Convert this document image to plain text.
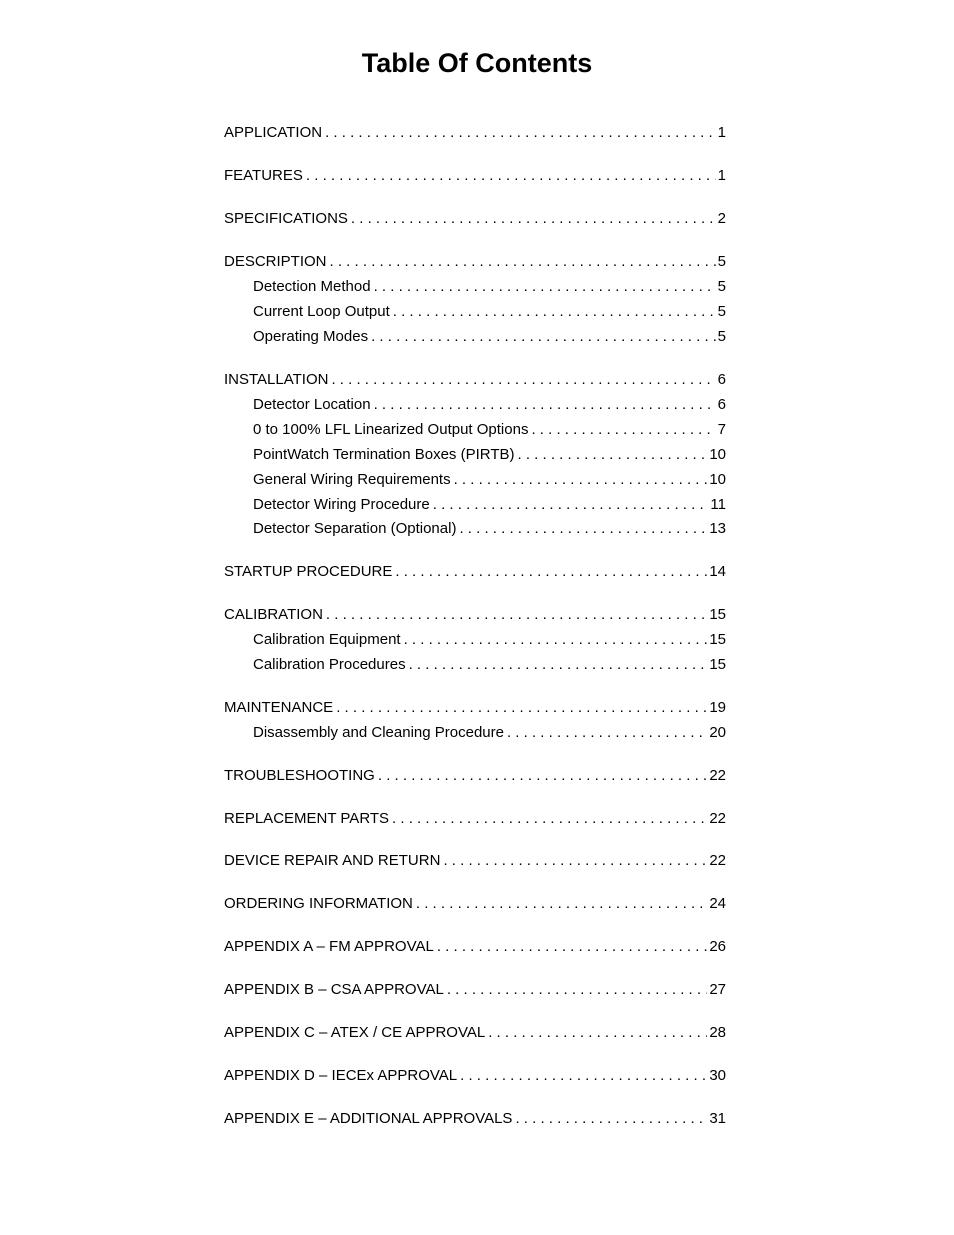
Table Of Contents
APPLICATION . . .	1
FEATURES . . .	1
SPECIFICATIONS . . .	2
DESCRIPTION . . .	5
Detection Method . . .	5
Current Loop Output . . .	5
Operating Modes . . .	5
INSTALLATION . . .	6
Detector Location . . .	6
0 to 100% LFL Linearized Output Options . . .	7
PointWatch Termination Boxes (PIRTB) . . .	10
General Wiring Requirements . . .	10
Detector Wiring Procedure . . .	11
Detector Separation (Optional) . . .	13
STARTUP PROCEDURE . . .	14
CALIBRATION . . .	15
Calibration Equipment . . .	15
Calibration Procedures . . .	15
MAINTENANCE . . .	19
Disassembly and Cleaning Procedure . . .	20
TROUBLESHOOTING . . .	22
REPLACEMENT PARTS . . .	22
DEVICE REPAIR AND RETURN . . .	22
ORDERING INFORMATION . . .	24
APPENDIX A – FM APPROVAL . . .	26
APPENDIX B – CSA APPROVAL . . .	27
APPENDIX C – ATEX / CE APPROVAL . . .	28
APPENDIX D – IECEx APPROVAL . . .	30
APPENDIX E – ADDITIONAL APPROVALS . . .	31
